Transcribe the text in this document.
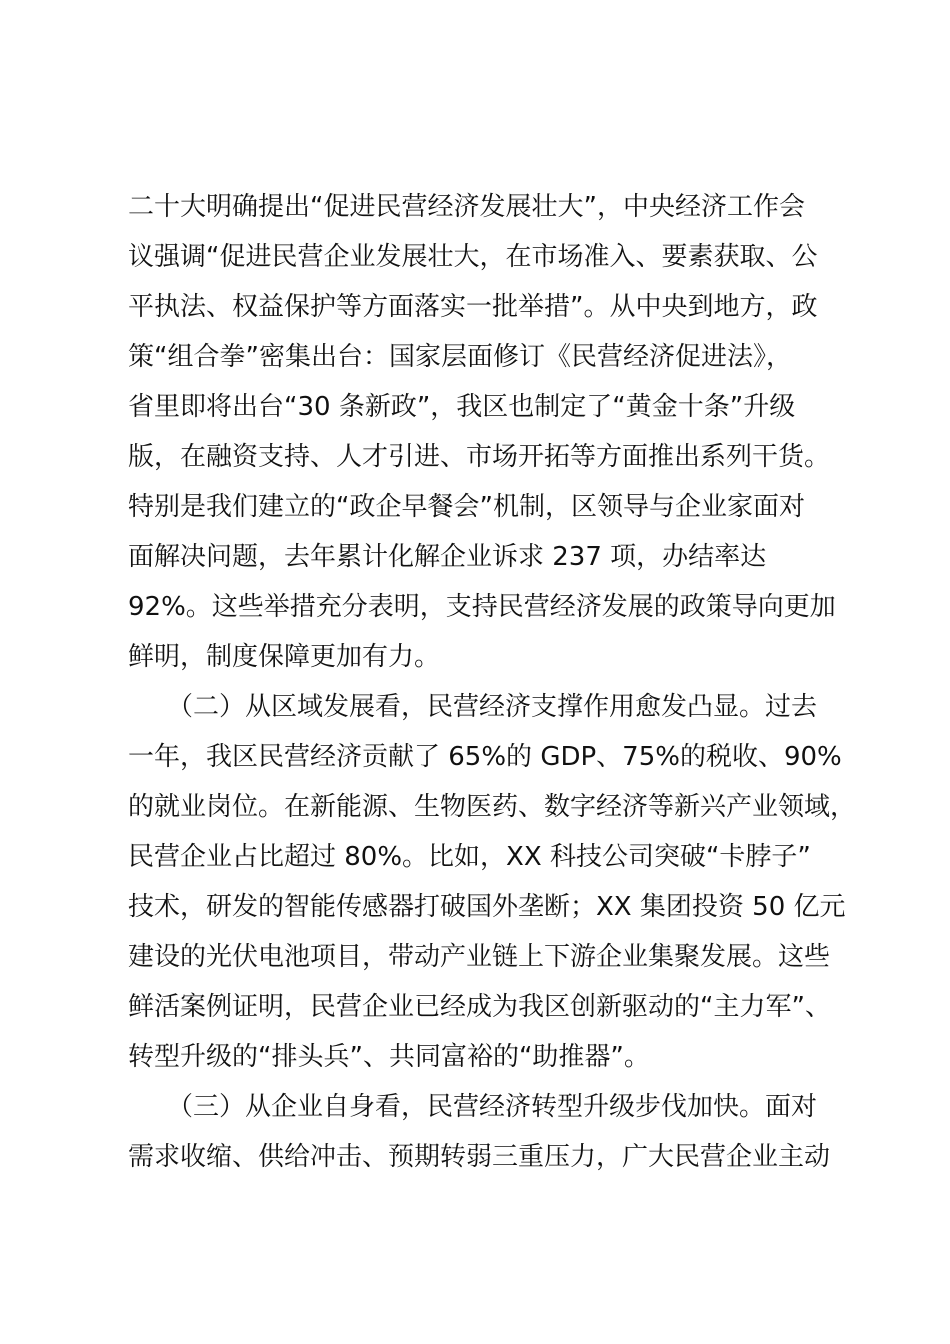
二十大明确提出“促进民营经济发展壮大”，中央经济工作会
议强调“促进民营企业发展壮大，在市场准入、要素获取、公
平执法、权益保护等方面落实一批举措”。从中央到地方，政
策“组合拳”密集出台：国家层面修订《民营经济促进法》，
省里即将出台“30 条新政”，我区也制定了“黄金十条”升级
版，在融资支持、人才引进、市场开拓等方面推出系列干货。
特别是我们建立的“政企早餐会”机制，区领导与企业家面对
面解决问题，去年累计化解企业诉求 237 项，办结率达
92%。这些举措充分表明，支持民营经济发展的政策导向更加
鲜明，制度保障更加有力。
　　（二）从区域发展看，民营经济支撑作用愈发凸显。过去
一年，我区民营经济贡献了 65%的 GDP、75%的税收、90%
的就业岗位。在新能源、生物医药、数字经济等新兴产业领域，
民营企业占比超过 80%。比如，XX 科技公司突破“卡脖子”
技术，研发的智能传感器打破国外垄断；XX 集团投资 50 亿元
建设的光伏电池项目，带动产业链上下游企业集聚发展。这些
鲜活案例证明，民营企业已经成为我区创新驱动的“主力军”、
转型升级的“排头兵”、共同富裕的“助推器”。
　　（三）从企业自身看，民营经济转型升级步伐加快。面对
需求收缩、供给冲击、预期转弱三重压力，广大民营企业主动
